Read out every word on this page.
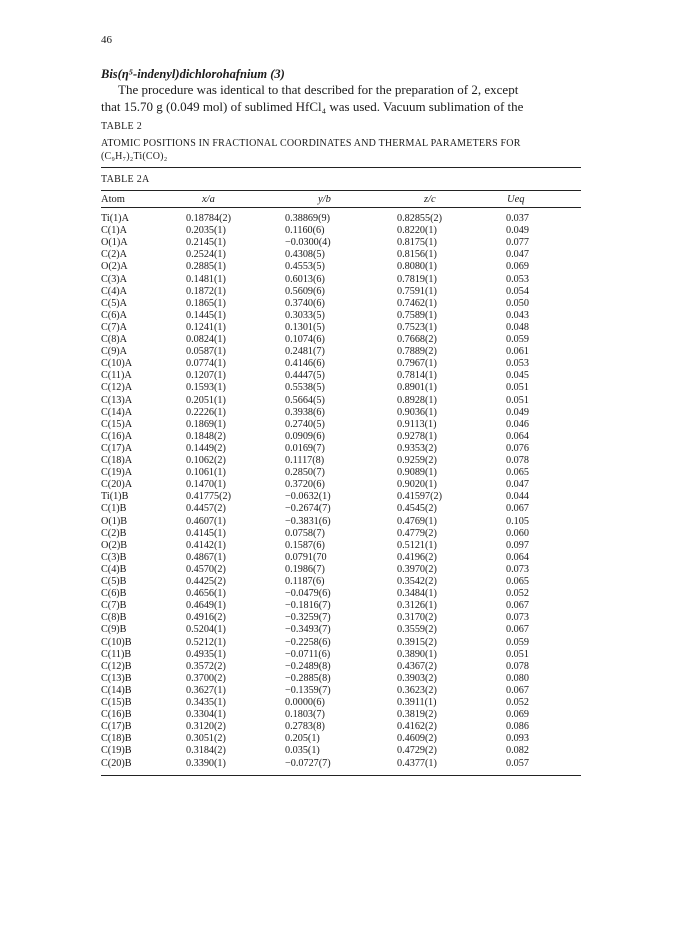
46
Bis(η⁵-indenyl)dichlorohafnium (3)
The procedure was identical to that described for the preparation of 2, except
that 15.70 g (0.049 mol) of sublimed HfCl₄ was used. Vacuum sublimation of the
TABLE 2
ATOMIC POSITIONS IN FRACTIONAL COORDINATES AND THERMAL PARAMETERS FOR
(C₉H₇)₂Ti(CO)₂
TABLE 2A
Atom	x/a	y/b	z/c	Ueq
Ti(1)A	0.18784(2)	0.38869(9)	0.82855(2)	0.037
C(1)A	0.2035(1)	0.1160(6)	0.8220(1)	0.049
O(1)A	0.2145(1)	−0.0300(4)	0.8175(1)	0.077
C(2)A	0.2524(1)	0.4308(5)	0.8156(1)	0.047
O(2)A	0.2885(1)	0.4553(5)	0.8080(1)	0.069
C(3)A	0.1481(1)	0.6013(6)	0.7819(1)	0.053
C(4)A	0.1872(1)	0.5609(6)	0.7591(1)	0.054
C(5)A	0.1865(1)	0.3740(6)	0.7462(1)	0.050
C(6)A	0.1445(1)	0.3033(5)	0.7589(1)	0.043
C(7)A	0.1241(1)	0.1301(5)	0.7523(1)	0.048
C(8)A	0.0824(1)	0.1074(6)	0.7668(2)	0.059
C(9)A	0.0587(1)	0.2481(7)	0.7889(2)	0.061
C(10)A	0.0774(1)	0.4146(6)	0.7967(1)	0.053
C(11)A	0.1207(1)	0.4447(5)	0.7814(1)	0.045
C(12)A	0.1593(1)	0.5538(5)	0.8901(1)	0.051
C(13)A	0.2051(1)	0.5664(5)	0.8928(1)	0.051
C(14)A	0.2226(1)	0.3938(6)	0.9036(1)	0.049
C(15)A	0.1869(1)	0.2740(5)	0.9113(1)	0.046
C(16)A	0.1848(2)	0.0909(6)	0.9278(1)	0.064
C(17)A	0.1449(2)	0.0169(7)	0.9353(2)	0.076
C(18)A	0.1062(2)	0.1117(8)	0.9259(2)	0.078
C(19)A	0.1061(1)	0.2850(7)	0.9089(1)	0.065
C(20)A	0.1470(1)	0.3720(6)	0.9020(1)	0.047
Ti(1)B	0.41775(2)	−0.0632(1)	0.41597(2)	0.044
C(1)B	0.4457(2)	−0.2674(7)	0.4545(2)	0.067
O(1)B	0.4607(1)	−0.3831(6)	0.4769(1)	0.105
C(2)B	0.4145(1)	0.0758(7)	0.4779(2)	0.060
O(2)B	0.4142(1)	0.1587(6)	0.5121(1)	0.097
C(3)B	0.4867(1)	0.0791(70	0.4196(2)	0.064
C(4)B	0.4570(2)	0.1986(7)	0.3970(2)	0.073
C(5)B	0.4425(2)	0.1187(6)	0.3542(2)	0.065
C(6)B	0.4656(1)	−0.0479(6)	0.3484(1)	0.052
C(7)B	0.4649(1)	−0.1816(7)	0.3126(1)	0.067
C(8)B	0.4916(2)	−0.3259(7)	0.3170(2)	0.073
C(9)B	0.5204(1)	−0.3493(7)	0.3559(2)	0.067
C(10)B	0.5212(1)	−0.2258(6)	0.3915(2)	0.059
C(11)B	0.4935(1)	−0.0711(6)	0.3890(1)	0.051
C(12)B	0.3572(2)	−0.2489(8)	0.4367(2)	0.078
C(13)B	0.3700(2)	−0.2885(8)	0.3903(2)	0.080
C(14)B	0.3627(1)	−0.1359(7)	0.3623(2)	0.067
C(15)B	0.3435(1)	0.0000(6)	0.3911(1)	0.052
C(16)B	0.3304(1)	0.1803(7)	0.3819(2)	0.069
C(17)B	0.3120(2)	0.2783(8)	0.4162(2)	0.086
C(18)B	0.3051(2)	0.205(1)	0.4609(2)	0.093
C(19)B	0.3184(2)	0.035(1)	0.4729(2)	0.082
C(20)B	0.3390(1)	−0.0727(7)	0.4377(1)	0.057
